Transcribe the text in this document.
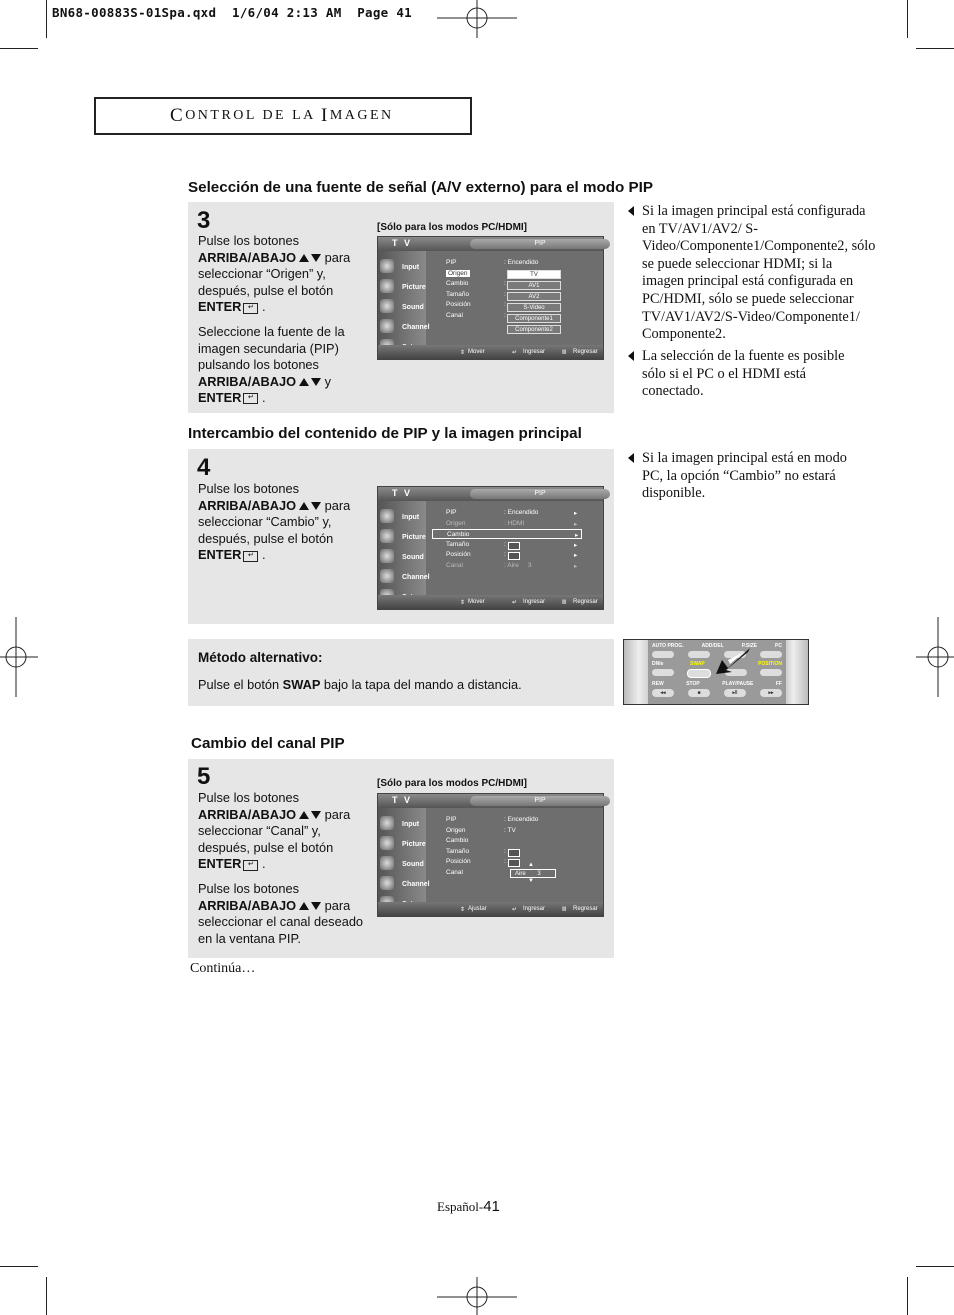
BN68-00883S-01Spa.qxd  1/6/04 2:13 AM  Page 41
C ONTROL DE LA I MAGEN
Selección de una fuente de señal (A/V externo) para el modo PIP
3
Pulse los botones
ARRIBA/ABAJO para
seleccionar “Origen” y,
después, pulse el botón
ENTER ↵ .
Seleccione la fuente de la
imagen secundaria (PIP)
pulsando los botones
ARRIBA/ABAJO y
ENTER ↵ .
[Sólo para los modos PC/HDMI]
T V	PIP
Input
Picture
Sound
Channel
PIP	: Encendido
Origen
Cambio	:
Tamaño	:
Posición	:
Canal	:
TV
AV1
AV2
S-Video
Componente1
Componente2
⇕ Mover	↵ Ingresar	Ⅲ Regresar
Si la imagen principal está configurada en TV/AV1/AV2/ S-Video/Componente1/Componente2, sólo se puede seleccionar HDMI; si la imagen principal está configurada en PC/HDMI, sólo se puede seleccionar TV/AV1/AV2/S-Video/Componente1/ Componente2.
La selección de la fuente es posible sólo si el PC o el HDMI está conectado.
Intercambio del contenido de PIP y la imagen principal
4
Pulse los botones
ARRIBA/ABAJO para
seleccionar “Cambio” y,
después, pulse el botón
ENTER ↵ .
T V	PIP
Input
Picture
Sound
Channel
PIP	: Encendido	▸
Origen	: HDMI	▸
Cambio	▸
Tamaño	:	▸
Posición	:	▸
Canal	: Aire     3	▸
⇕ Mover	↵ Ingresar	Ⅲ Regresar
Si la imagen principal está en modo PC, la opción “Cambio” no estará disponible.
Método alternativo:
Pulse el botón SWAP bajo la tapa del mando a distancia.
AUTO PROG.	ADD/DEL	P.SIZE	PC
DNIe	SWAP	POSITION
REW	STOP	PLAY/PAUSE	FF
◂◂	■	▸‖	▸▸
Cambio del canal PIP
5
Pulse los botones
ARRIBA/ABAJO para
seleccionar “Canal” y,
después, pulse el botón
ENTER ↵ .
Pulse los botones
ARRIBA/ABAJO para
seleccionar el canal deseado
en la ventana PIP.
[Sólo para los modos PC/HDMI]
T V	PIP
Input
Picture
Sound
Channel
PIP	: Encendido
Origen	: TV
Cambio
Tamaño	:
Posición	:
Canal
▲
Aire       3
▼
⇕ Ajustar	↵ Ingresar	Ⅲ Regresar
Continúa…
Español-41
